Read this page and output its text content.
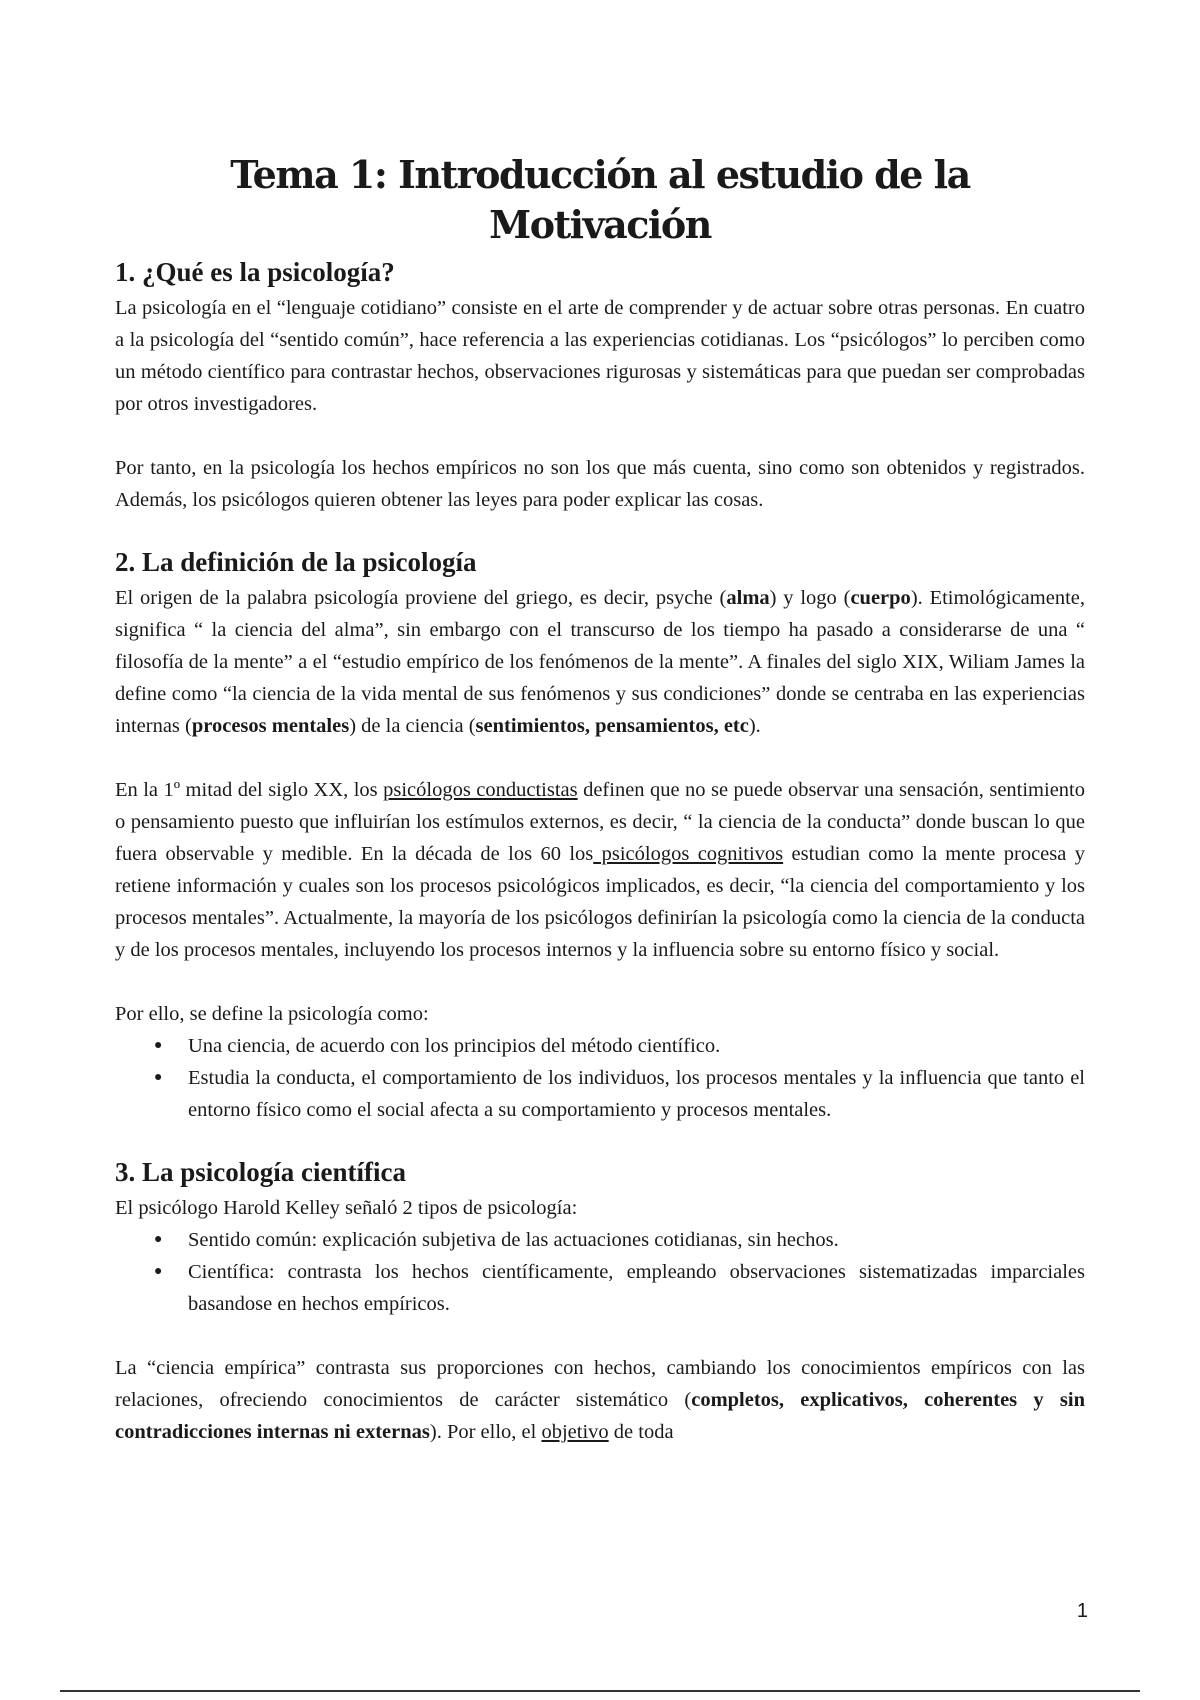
Tema 1: Introducción al estudio de la Motivación
1. ¿Qué es la psicología?

La psicología en el “lenguaje cotidiano” consiste en el arte de comprender y de actuar sobre otras personas. En cuatro a la psicología del “sentido común”, hace referencia a las experiencias cotidianas. Los “psicólogos” lo perciben como un método científico para contrastar hechos, observaciones rigurosas y sistemáticas para que puedan ser comprobadas por otros investigadores.

Por tanto, en la psicología los hechos empíricos no son los que más cuenta, sino como son obtenidos y registrados. Además, los psicólogos quieren obtener las leyes para poder explicar las cosas.

2. La definición de la psicología

El origen de la palabra psicología proviene del griego, es decir, psyche (alma) y logo (cuerpo). Etimológicamente, significa “ la ciencia del alma”, sin embargo con el transcurso de los tiempo ha pasado a considerarse de una “ filosofía de la mente” a el “estudio empírico de los fenómenos de la mente”. A finales del siglo XIX, Wiliam James la define como “la ciencia de la vida mental de sus fenómenos y sus condiciones” donde se centraba en las experiencias internas (procesos mentales) de la ciencia (sentimientos, pensamientos, etc).

En la 1º mitad del siglo XX, los psicólogos conductistas definen que no se puede observar una sensación, sentimiento o pensamiento puesto que influirían los estímulos externos, es decir, “ la ciencia de la conducta” donde buscan lo que fuera observable y medible. En la década de los 60 los psicólogos cognitivos estudian como la mente procesa y retiene información y cuales son los procesos psicológicos implicados, es decir, “la ciencia del comportamiento y los procesos mentales”. Actualmente, la mayoría de los psicólogos definirían la psicología como la ciencia de la conducta y de los procesos mentales, incluyendo los procesos internos y la influencia sobre su entorno físico y social.

Por ello, se define la psicología como:

● Una ciencia, de acuerdo con los principios del método científico.
● Estudia la conducta, el comportamiento de los individuos, los procesos mentales y la influencia que tanto el entorno físico como el social afecta a su comportamiento y procesos mentales.
3. La psicología científica

El psicólogo Harold Kelley señaló 2 tipos de psicología:

● Sentido común: explicación subjetiva de las actuaciones cotidianas, sin hechos.
● Científica: contrasta los hechos científicamente, empleando observaciones sistematizadas imparciales basandose en hechos empíricos.

La “ciencia empírica” contrasta sus proporciones con hechos, cambiando los conocimientos empíricos con las relaciones, ofreciendo conocimientos de carácter sistemático (completos, explicativos, coherentes y sin contradicciones internas ni externas). Por ello, el objetivo de toda

1
